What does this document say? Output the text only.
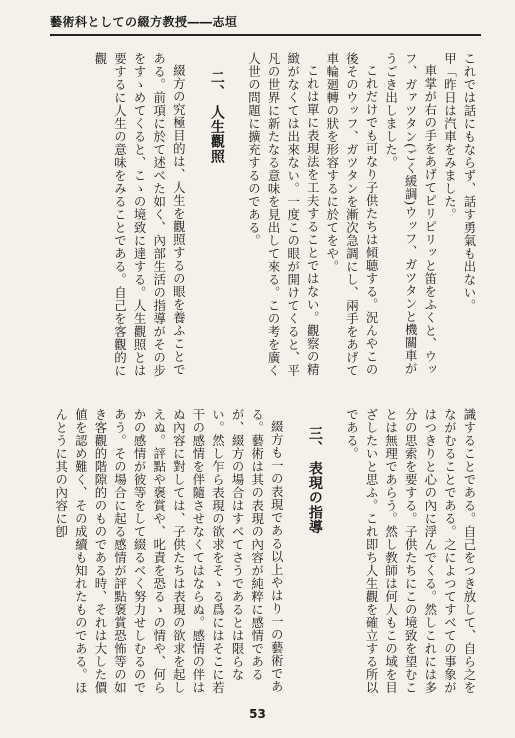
藝術科としての綴方教授――志垣

これでは話にもならず、話す勇氣も出ない。

甲「昨日は汽車をみました。

車掌が右の手をあげてピリピリッと笛をふくと、ウッフ、ガァツタン(ごく緩調)ウッフ、ガツタンと機關車がうごき出しました。

これだけでも可なり子供たちは傾聴する。況んやこの後そのウッフ、ガツタンを漸次急調にし、兩手をあげて車輪廻轉の狀を形容するに於てをや。

これは單に表現法を工夫することではない。觀察の精緻がなくては出來ない。一度この眼が開けてくると、平凡の世界に新たなる意味を見出して來る。この考を廣く人世の問題に擴充するのである。

二、人生觀照

綴方の究極目的は、人生を觀照するの眼を養ふことである。前項に於て述べた如く、內部生活の指導がその步をすゝめてくると、こゝの境致に達する。人生觀照とは要するに人生の意味をみることである。自己を客觀的に觀

識することである。自己をつき放して、自ら之をながむることである。之によつてすべての事象がはつきりと心の內に浮んでくる。然しこれには多分の思索を要する。子供たちにこの境致を望むことは無理であらう。然し教師は何人もこの域を目ざしたいと思ふ。これ即ち人生觀を確立する所以である。

三、表現の指導

綴方も一の表現である以上やはり一の藝術である。藝術は其の表現の內容が純粹に感情であるが、綴方の場合はすべてさうであるとは限らない。然し乍ら表現の欲求をそゝる爲にはそこに若干の感情を伴隨させなくてはならぬ。感情の伴はぬ內容に對しては、子供たちは表現の欲求を起しえぬ。評點や褒賞や、叱責を恐るゝの情や、何らかの感情が彼等をして綴るべく努力せしむるのであう。その場合に起る感情が評點褒賞恐怖等の如き客觀的階隙的のものである時、それは大した價値を認め難く、その成續も知れたものである。ほんとうに其の內容に卽

53
